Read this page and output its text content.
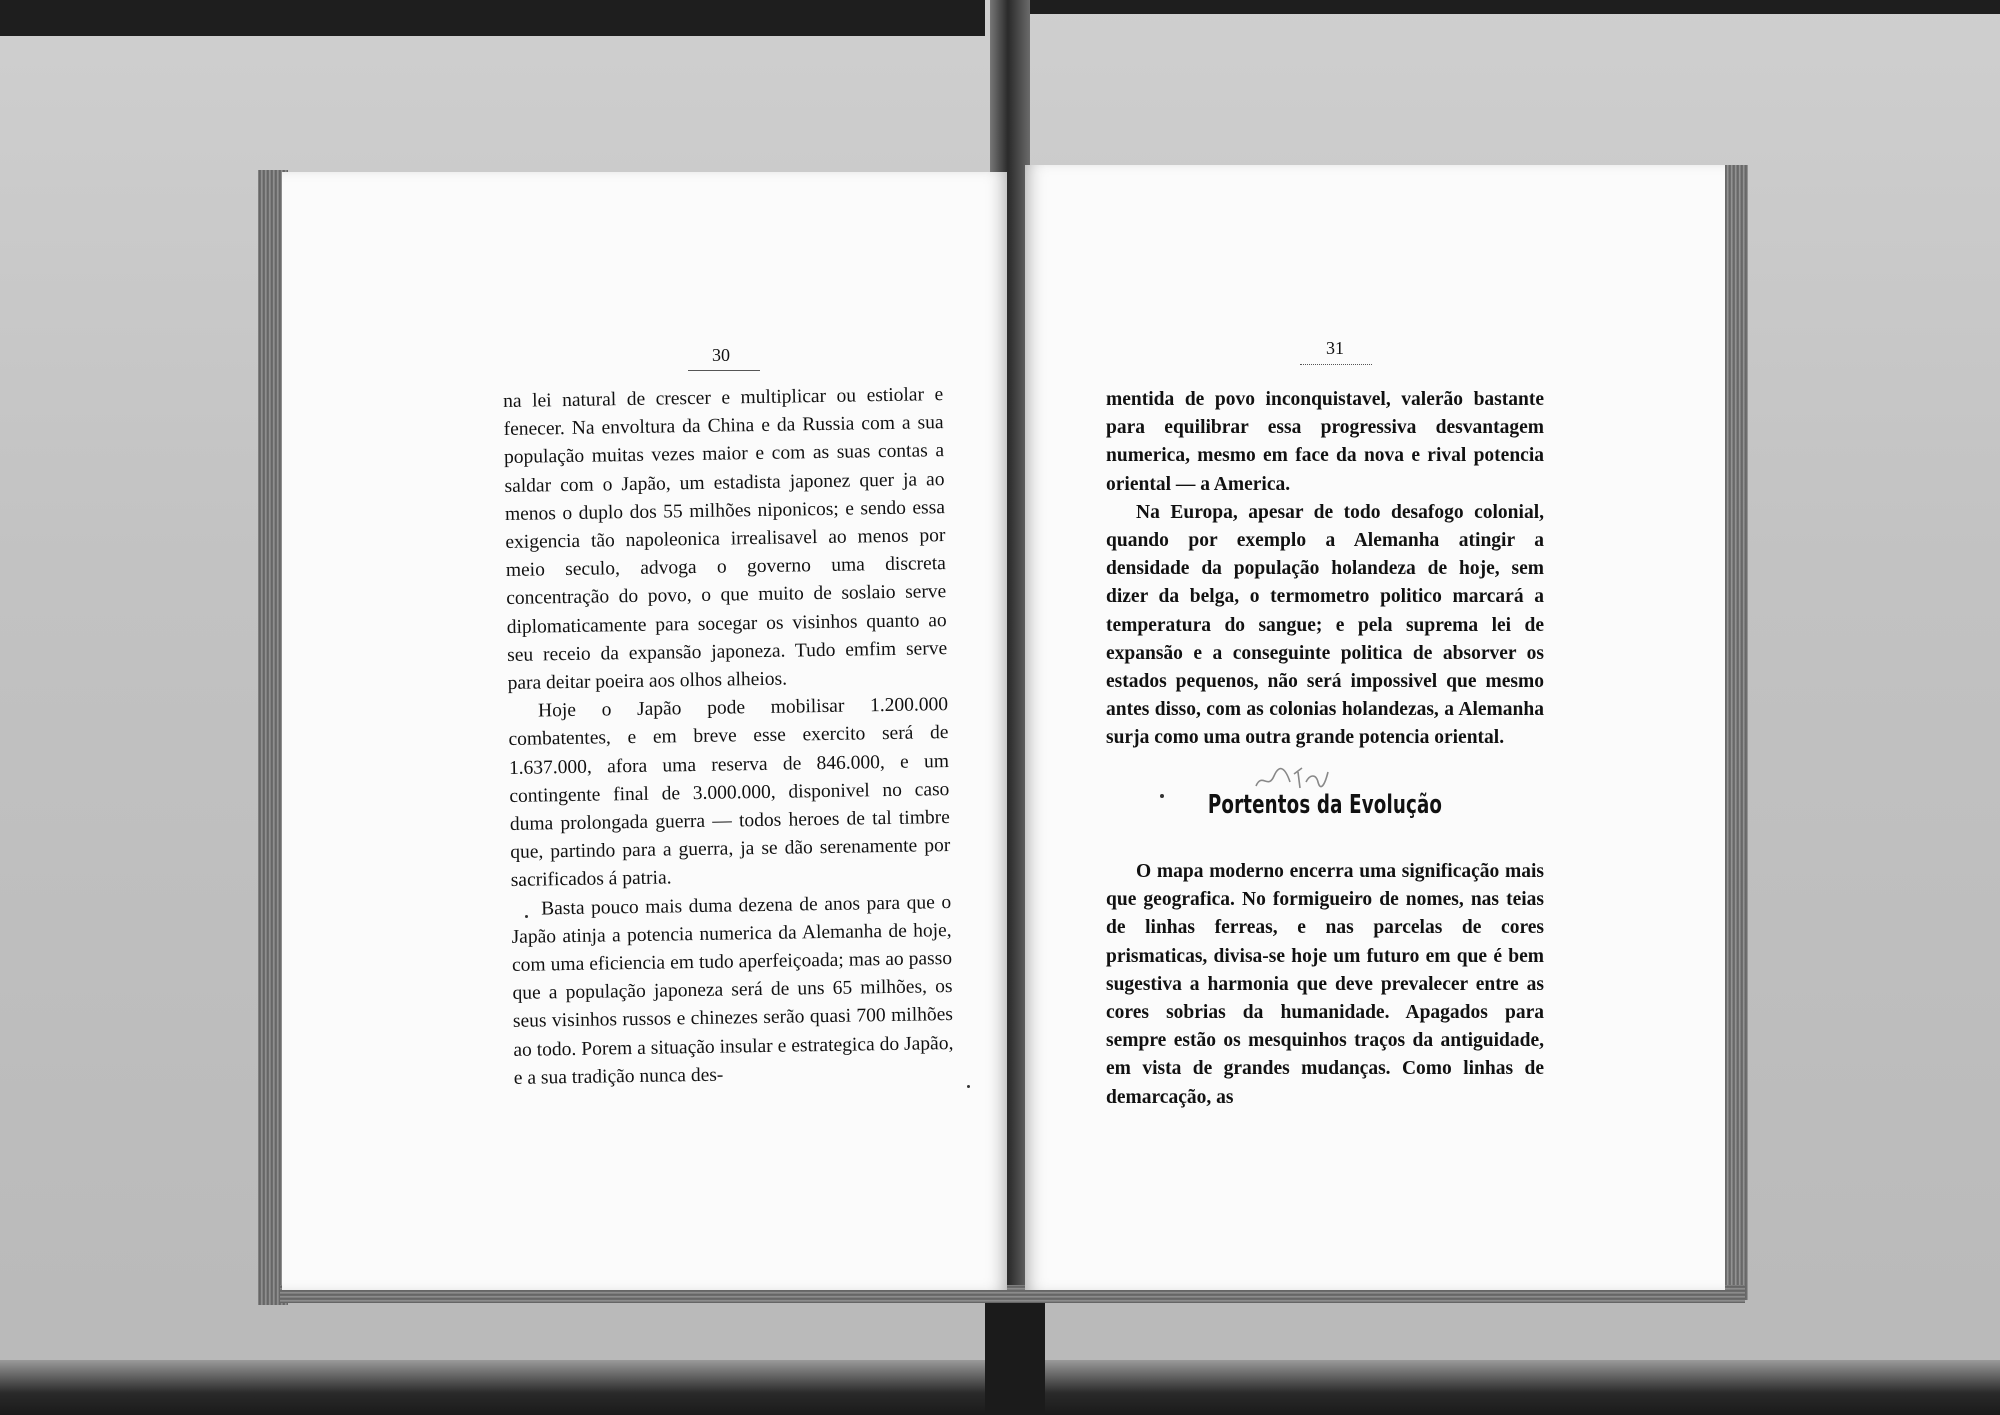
30

na lei natural de crescer e multiplicar ou estiolar e fenecer. Na envoltura da China e da Russia com a sua população muitas vezes maior e com as suas contas a saldar com o Japão, um estadista japonez quer ja ao menos o duplo dos 55 milhões niponicos; e sendo essa exigencia tão napoleonica irrealisavel ao menos por meio seculo, advoga o governo uma discreta concentração do povo, o que muito de soslaio serve diplomaticamente para socegar os visinhos quanto ao seu receio da expansão japoneza. Tudo emfim serve para deitar poeira aos olhos alheios.

Hoje o Japão pode mobilisar 1.200.000 combatentes, e em breve esse exercito será de 1.637.000, afora uma reserva de 846.000, e um contingente final de 3.000.000, disponivel no caso duma prolongada guerra — todos heroes de tal timbre que, partindo para a guerra, ja se dão serenamente por sacrificados á patria.

Basta pouco mais duma dezena de anos para que o Japão atinja a potencia numerica da Alemanha de hoje, com uma eficiencia em tudo aperfeiçoada; mas ao passo que a população japoneza será de uns 65 milhões, os seus visinhos russos e chinezes serão quasi 700 milhões ao todo. Porem a situação insular e estrategica do Japão, e a sua tradição nunca des-

31

mentida de povo inconquistavel, valerão bastante para equilibrar essa progressiva desvantagem numerica, mesmo em face da nova e rival potencia oriental — a America.

Na Europa, apesar de todo desafogo colonial, quando por exemplo a Alemanha atingir a densidade da população holandeza de hoje, sem dizer da belga, o termometro politico marcará a temperatura do sangue; e pela suprema lei de expansão e a conseguinte politica de absorver os estados pequenos, não será impossivel que mesmo antes disso, com as colonias holandezas, a Alemanha surja como uma outra grande potencia oriental.

Portentos da Evolução

O mapa moderno encerra uma significação mais que geografica. No formigueiro de nomes, nas teias de linhas ferreas, e nas parcelas de cores prismaticas, divisa-se hoje um futuro em que é bem sugestiva a harmonia que deve prevalecer entre as cores sobrias da humanidade. Apagados para sempre estão os mesquinhos traços da antiguidade, em vista de grandes mudanças. Como linhas de demarcação, as
